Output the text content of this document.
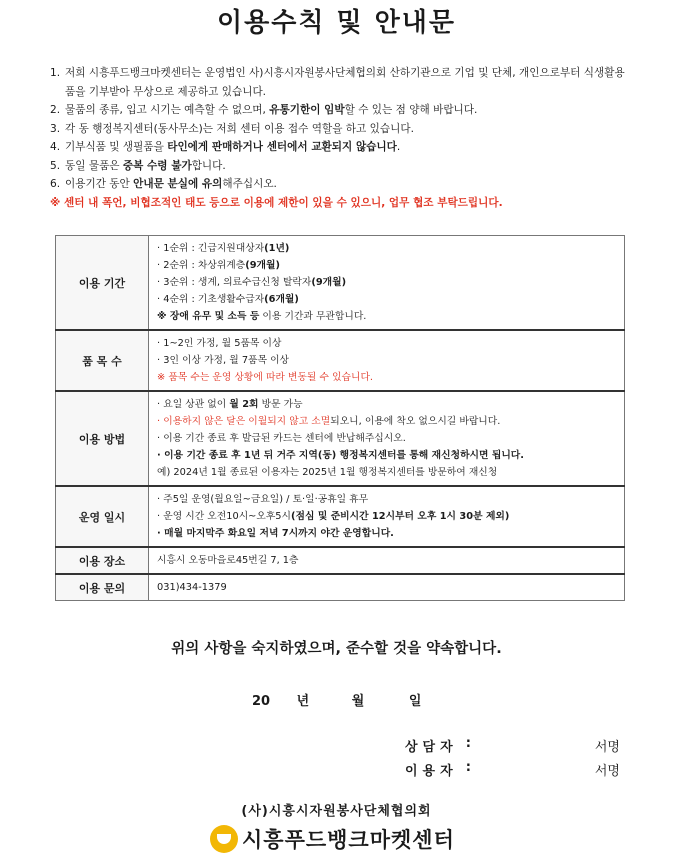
이용수칙 및 안내문
1. 저희 시흥푸드뱅크마켓센터는 운영법인 사)시흥시자원봉사단체협의회 산하기관으로 기업 및 단체, 개인으로부터 식생활용품을 기부받아 무상으로 제공하고 있습니다.
2. 물품의 종류, 입고 시기는 예측할 수 없으며, 유통기한이 임박할 수 있는 점 양해 바랍니다.
3. 각 동 행정복지센터(동사무소)는 저희 센터 이용 접수 역할을 하고 있습니다.
4. 기부식품 및 생필품을 타인에게 판매하거나 센터에서 교환되지 않습니다.
5. 동일 물품은 중복 수령 불가합니다.
6. 이용기간 동안 안내문 분실에 유의해주십시오.
※ 센터 내 폭언, 비협조적인 태도 등으로 이용에 제한이 있을 수 있으니, 업무 협조 부탁드립니다.
이용 기간	· 1순위 : 긴급지원대상자(1년)
· 2순위 : 차상위계층(9개월)
· 3순위 : 생계, 의료수급신청 탈락자(9개월)
· 4순위 : 기초생활수급자(6개월)
※ 장애 유무 및 소득 등 이용 기간과 무관합니다.

품 목 수	· 1~2인 가정, 월 5품목 이상
· 3인 이상 가정, 월 7품목 이상
※ 품목 수는 운영 상황에 따라 변동될 수 있습니다.

이용 방법	· 요일 상관 없이 월 2회 방문 가능
· 이용하지 않은 달은 이월되지 않고 소멸되오니, 이용에 착오 없으시길 바랍니다.
· 이용 기간 종료 후 발급된 카드는 센터에 반납해주십시오.
· 이용 기간 종료 후 1년 뒤 거주 지역(동) 행정복지센터를 통해 재신청하시면 됩니다.
예) 2024년 1월 종료된 이용자는 2025년 1월 행정복지센터를 방문하여 재신청

운영 일시	· 주5일 운영(월요일~금요일) / 토·일·공휴일 휴무
· 운영 시간 오전10시~오후5시(점심 및 준비시간 12시부터 오후 1시 30분 제외)
· 매월 마지막주 화요일 저녁 7시까지 야간 운영합니다.

이용 장소	시흥시 오동마을로45번길 7, 1층

이용 문의	031)434-1379
위의 사항을 숙지하였으며, 준수할 것을 약속합니다.
20 년	월	일
상담자 :	서명
이용자 :	서명
(사)시흥시자원봉사단체협의회
시흥푸드뱅크마켓센터
